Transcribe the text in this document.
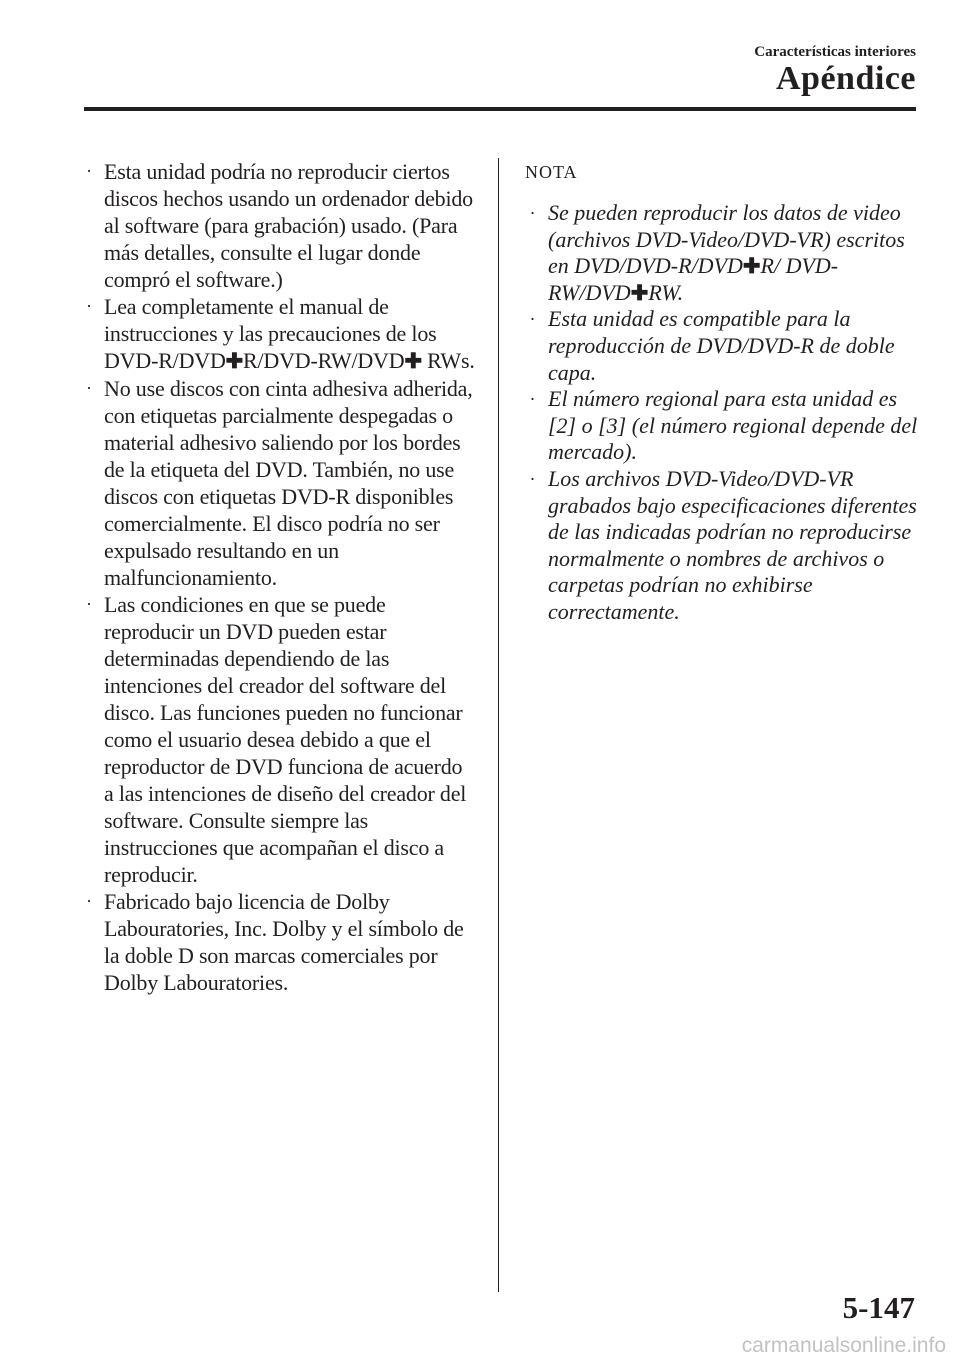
Características interiores
Apéndice
· Esta unidad podría no reproducir ciertos discos hechos usando un ordenador debido al software (para grabación) usado. (Para más detalles, consulte el lugar donde compró el software.)
· Lea completamente el manual de instrucciones y las precauciones de los DVD-R/DVD✚R/DVD-RW/DVD✚ RWs.
· No use discos con cinta adhesiva adherida, con etiquetas parcialmente despegadas o material adhesivo saliendo por los bordes de la etiqueta del DVD. También, no use discos con etiquetas DVD-R disponibles comercialmente. El disco podría no ser expulsado resultando en un malfuncionamiento.
· Las condiciones en que se puede reproducir un DVD pueden estar determinadas dependiendo de las intenciones del creador del software del disco. Las funciones pueden no funcionar como el usuario desea debido a que el reproductor de DVD funciona de acuerdo a las intenciones de diseño del creador del software. Consulte siempre las instrucciones que acompañan el disco a reproducir.
· Fabricado bajo licencia de Dolby Labouratories, Inc. Dolby y el símbolo de la doble D son marcas comerciales por Dolby Labouratories.
NOTA
· Se pueden reproducir los datos de video (archivos DVD-Video/DVD-VR) escritos en DVD/DVD-R/DVD✚R/ DVD-RW/DVD✚RW.
· Esta unidad es compatible para la reproducción de DVD/DVD-R de doble capa.
· El número regional para esta unidad es [2] o [3] (el número regional depende del mercado).
· Los archivos DVD-Video/DVD-VR grabados bajo especificaciones diferentes de las indicadas podrían no reproducirse normalmente o nombres de archivos o carpetas podrían no exhibirse correctamente.
5-147
carmanualsonline.info
